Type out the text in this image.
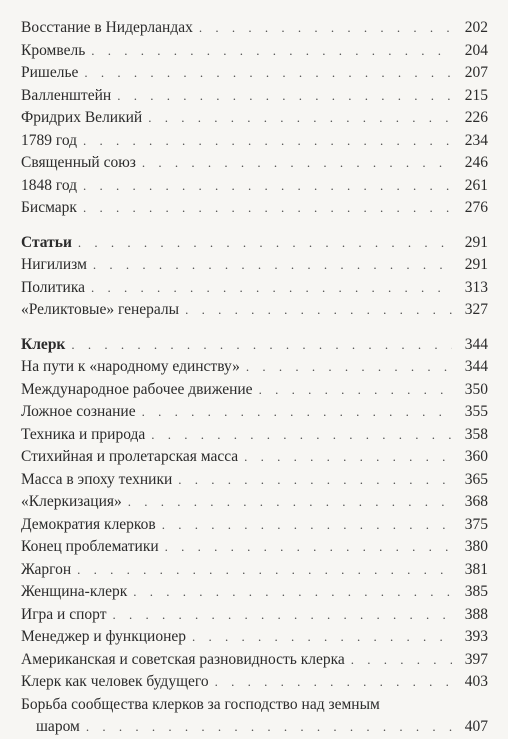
Восстание в Нидерландах . . .	202
Кромвель . . .	204
Ришелье . . .	207
Валленштейн . . .	215
Фридрих Великий . . .	226
1789 год . . .	234
Священный союз . . .	246
1848 год . . .	261
Бисмарк . . .	276
Статьи . . .	291
Нигилизм . . .	291
Политика . . .	313
«Реликтовые» генералы . . .	327
Клерк . . .	344
На пути к «народному единству» . . .	344
Международное рабочее движение . . .	350
Ложное сознание . . .	355
Техника и природа . . .	358
Стихийная и пролетарская масса . . .	360
Масса в эпоху техники . . .	365
«Клеркизация» . . .	368
Демократия клерков . . .	375
Конец проблематики . . .	380
Жаргон . . .	381
Женщина-клерк . . .	385
Игра и спорт . . .	388
Менеджер и функционер . . .	393
Американская и советская разновидность клерка . . .	397
Клерк как человек будущего . . .	403
Борьба сообщества клерков за господство над земным
шаром . . .	407
